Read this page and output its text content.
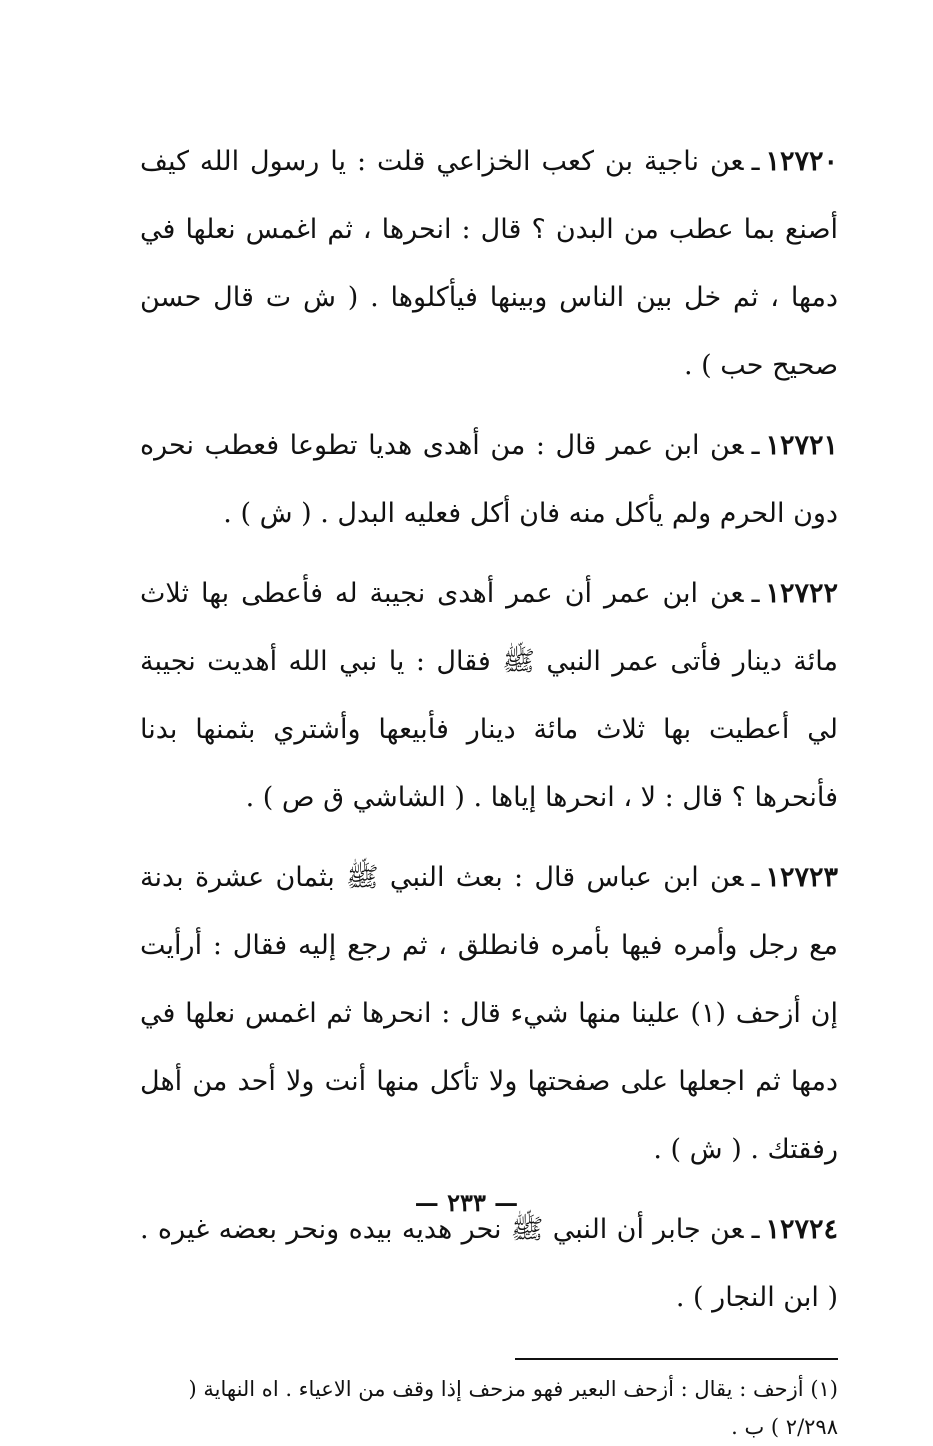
١٢٧٢٠ـعن ناجية بن كعب الخزاعي قلت : يا رسول الله كيف أصنع بما عطب من البدن ؟ قال : انحرها ، ثم اغمس نعلها في دمها ، ثم خل بين الناس وبينها فيأكلوها . ( ش ت قال حسن صحيح حب ) .

١٢٧٢١ـعن ابن عمر قال : من أهدى هديا تطوعا فعطب نحره دون الحرم ولم يأكل منه فان أكل فعليه البدل . ( ش ) .

١٢٧٢٢ـعن ابن عمر أن عمر أهدى نجيبة له فأعطى بها ثلاث مائة دينار فأتى عمر النبي ﷺ فقال : يا نبي الله أهديت نجيبة لي أعطيت بها ثلاث مائة دينار فأبيعها وأشتري بثمنها بدنا فأنحرها ؟ قال : لا ، انحرها إياها . ( الشاشي ق ص ) .

١٢٧٢٣ـعن ابن عباس قال : بعث النبي ﷺ بثمان عشرة بدنة مع رجل وأمره فيها بأمره فانطلق ، ثم رجع إليه فقال : أرأيت إن أزحف (١) علينا منها شيء قال : انحرها ثم اغمس نعلها في دمها ثم اجعلها على صفحتها ولا تأكل منها أنت ولا أحد من أهل رفقتك . ( ش ) .

١٢٧٢٤ـعن جابر أن النبي ﷺ نحر هديه بيده ونحر بعضه غيره . ( ابن النجار ) .

(١) أزحف : يقال : أزحف البعير فهو مزحف إذا وقف من الاعياء . اه النهاية ( ٢/٢٩٨ ) ب .
— ٢٣٣ —
